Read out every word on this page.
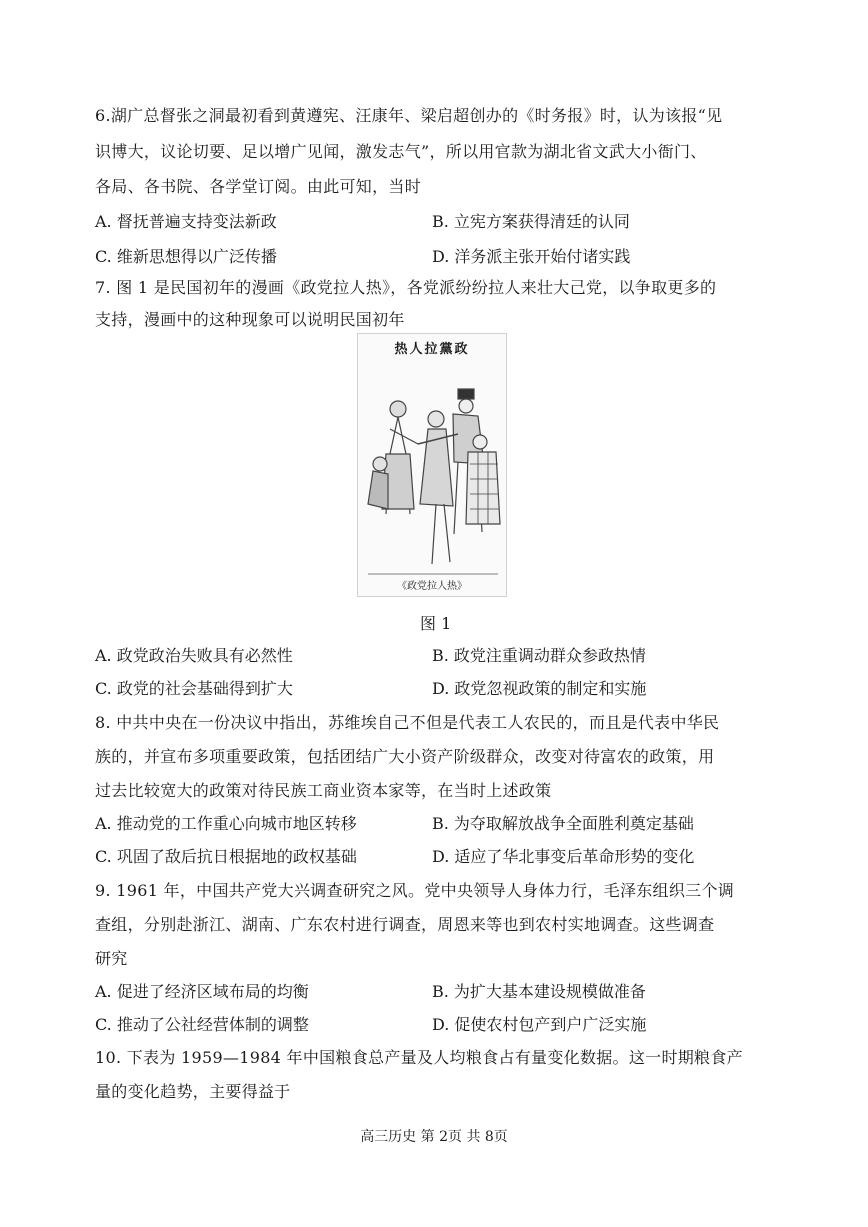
6.湖广总督张之洞最初看到黄遵宪、汪康年、梁启超创办的《时务报》时，认为该报“见
识博大，议论切要、足以增广见闻，激发志气”，所以用官款为湖北省文武大小衙门、
各局、各书院、各学堂订阅。由此可知，当时
A. 督抚普遍支持变法新政	B. 立宪方案获得清廷的认同
C. 维新思想得以广泛传播	D. 洋务派主张开始付诸实践
7. 图 1 是民国初年的漫画《政党拉人热》，各党派纷纷拉人来壮大己党，以争取更多的
支持，漫画中的这种现象可以说明民国初年
热人拉黨政
《政党拉人热》
图 1
A. 政党政治失败具有必然性	B. 政党注重调动群众参政热情
C. 政党的社会基础得到扩大	D. 政党忽视政策的制定和实施
8. 中共中央在一份决议中指出，苏维埃自己不但是代表工人农民的，而且是代表中华民
族的，并宣布多项重要政策，包括团结广大小资产阶级群众，改变对待富农的政策，用
过去比较宽大的政策对待民族工商业资本家等，在当时上述政策
A. 推动党的工作重心向城市地区转移	B. 为夺取解放战争全面胜利奠定基础
C. 巩固了敌后抗日根据地的政权基础	D. 适应了华北事变后革命形势的变化
9. 1961 年，中国共产党大兴调查研究之风。党中央领导人身体力行，毛泽东组织三个调
查组，分别赴浙江、湖南、广东农村进行调查，周恩来等也到农村实地调查。这些调查
研究
A. 促进了经济区域布局的均衡	B. 为扩大基本建设规模做准备
C. 推动了公社经营体制的调整	D. 促使农村包产到户广泛实施
10. 下表为 1959—1984 年中国粮食总产量及人均粮食占有量变化数据。这一时期粮食产
量的变化趋势，主要得益于
高三历史 第 2页 共 8页
